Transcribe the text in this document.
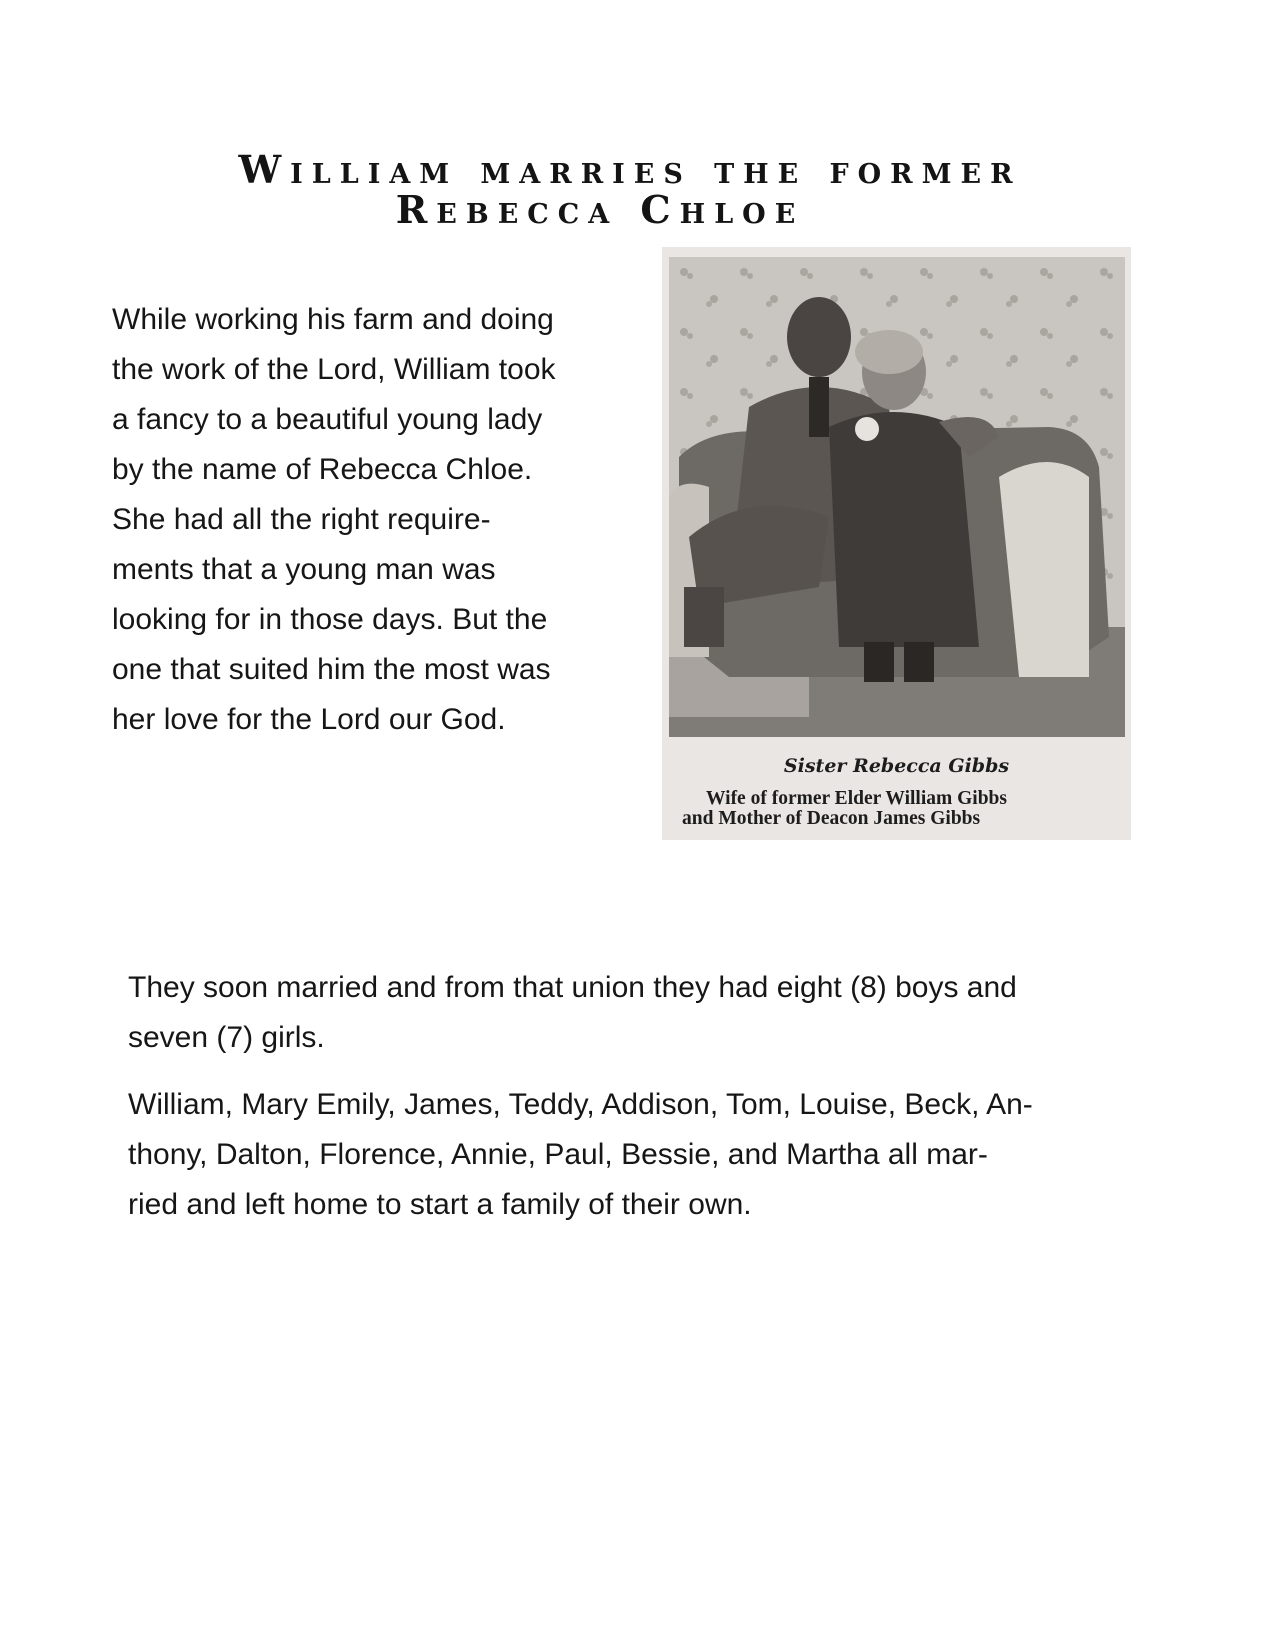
William marries the former
Rebecca Chloe

While working his farm and doing
the work of the Lord, William took
a fancy to a beautiful young lady
by the name of Rebecca Chloe.
She had all the right require-
ments that a young man was
looking for in those days. But the
one that suited him the most was
her love for the Lord our God.

Sister Rebecca Gibbs
Wife of former Elder William Gibbs
and Mother of Deacon James Gibbs

They soon married and from that union they had eight (8) boys and
seven (7) girls.

William, Mary Emily, James, Teddy, Addison, Tom, Louise, Beck, An-
thony, Dalton, Florence, Annie, Paul, Bessie, and Martha all mar-
ried and left home to start a family of their own.
